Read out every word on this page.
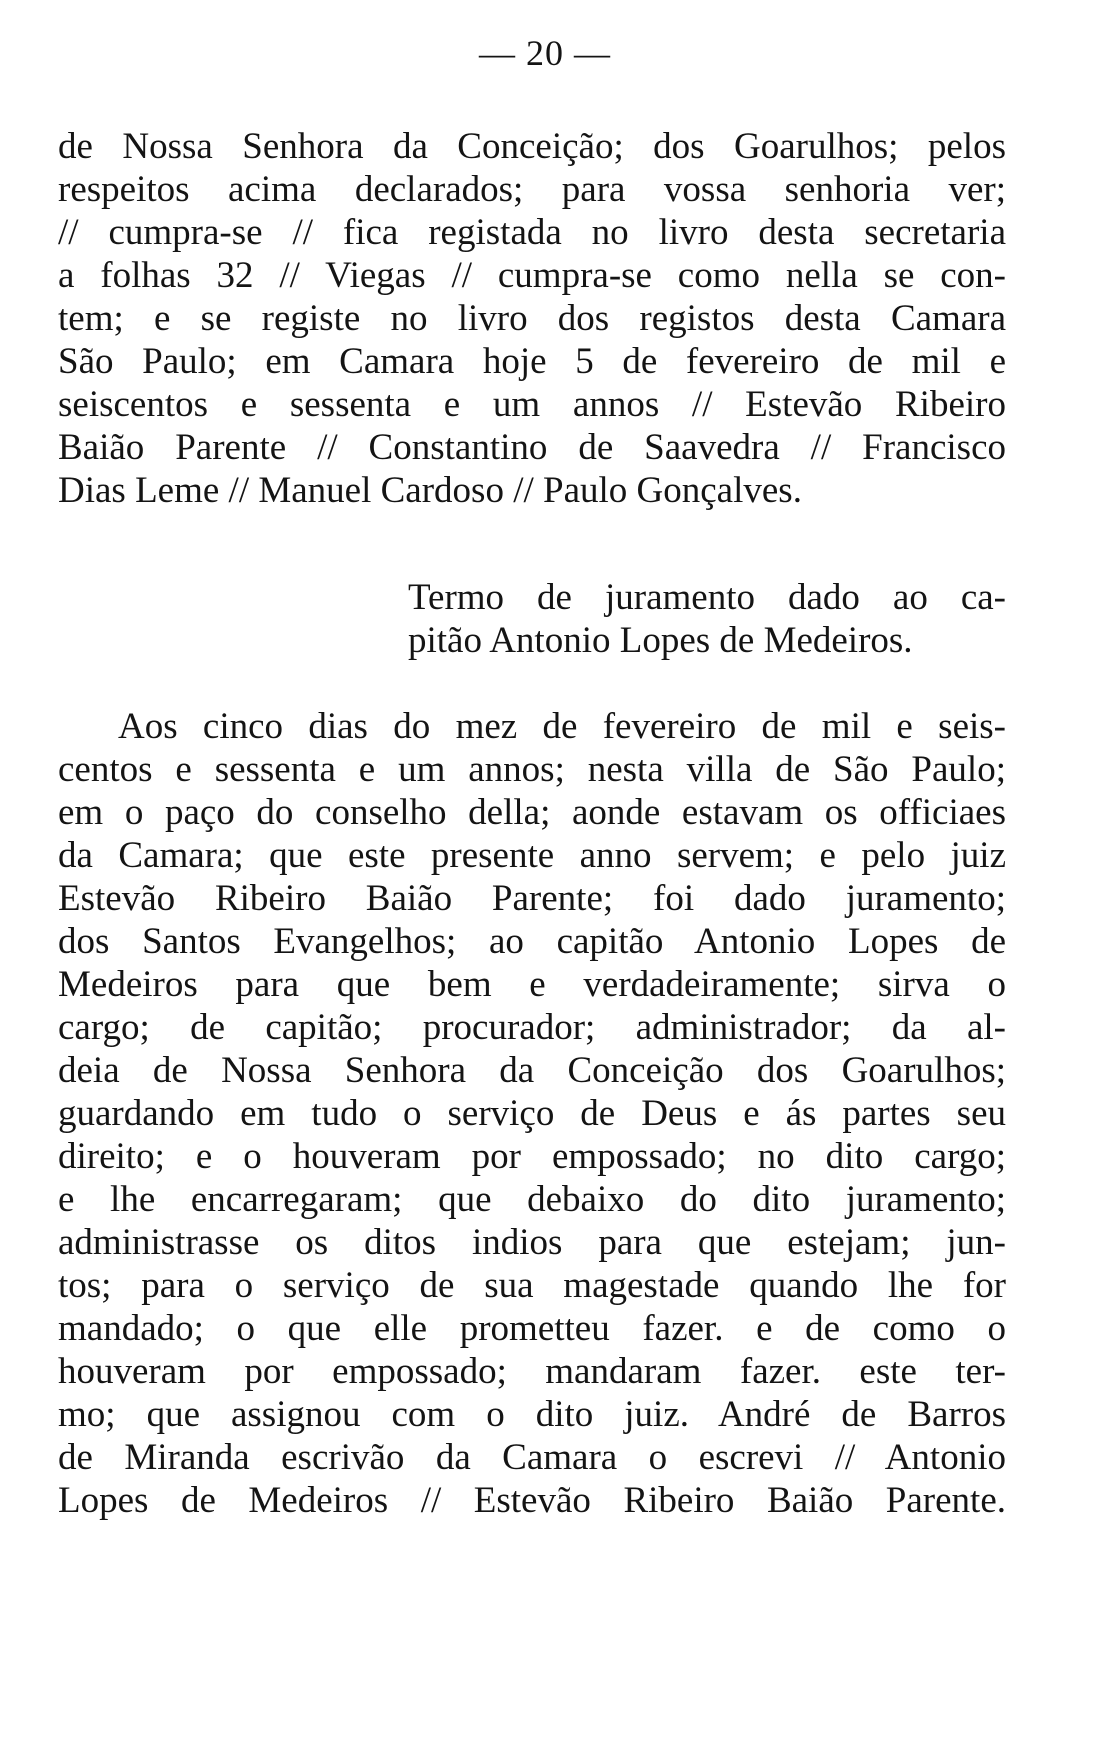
— 20 —
de Nossa Senhora da Conceição; dos Goarulhos; pelos
respeitos acima declarados; para vossa senhoria ver;
// cumpra-se // fica registada no livro desta secretaria
a folhas 32 // Viegas // cumpra-se como nella se con-
tem; e se registe no livro dos registos desta Camara
São Paulo; em Camara hoje 5 de fevereiro de mil e
seiscentos e sessenta e um annos // Estevão Ribeiro
Baião Parente // Constantino de Saavedra // Francisco
Dias Leme // Manuel Cardoso // Paulo Gonçalves.
Termo de juramento dado ao ca-
pitão Antonio Lopes de Medeiros.
Aos cinco dias do mez de fevereiro de mil e seis-
centos e sessenta e um annos; nesta villa de São Paulo;
em o paço do conselho della; aonde estavam os officiaes
da Camara; que este presente anno servem; e pelo juiz
Estevão Ribeiro Baião Parente; foi dado juramento;
dos Santos Evangelhos; ao capitão Antonio Lopes de
Medeiros para que bem e verdadeiramente; sirva o
cargo; de capitão; procurador; administrador; da al-
deia de Nossa Senhora da Conceição dos Goarulhos;
guardando em tudo o serviço de Deus e ás partes seu
direito; e o houveram por empossado; no dito cargo;
e lhe encarregaram; que debaixo do dito juramento;
administrasse os ditos indios para que estejam; jun-
tos; para o serviço de sua magestade quando lhe for
mandado; o que elle prometteu fazer. e de como o
houveram por empossado; mandaram fazer. este ter-
mo; que assignou com o dito juiz. André de Barros
de Miranda escrivão da Camara o escrevi // Antonio
Lopes de Medeiros // Estevão Ribeiro Baião Parente.
